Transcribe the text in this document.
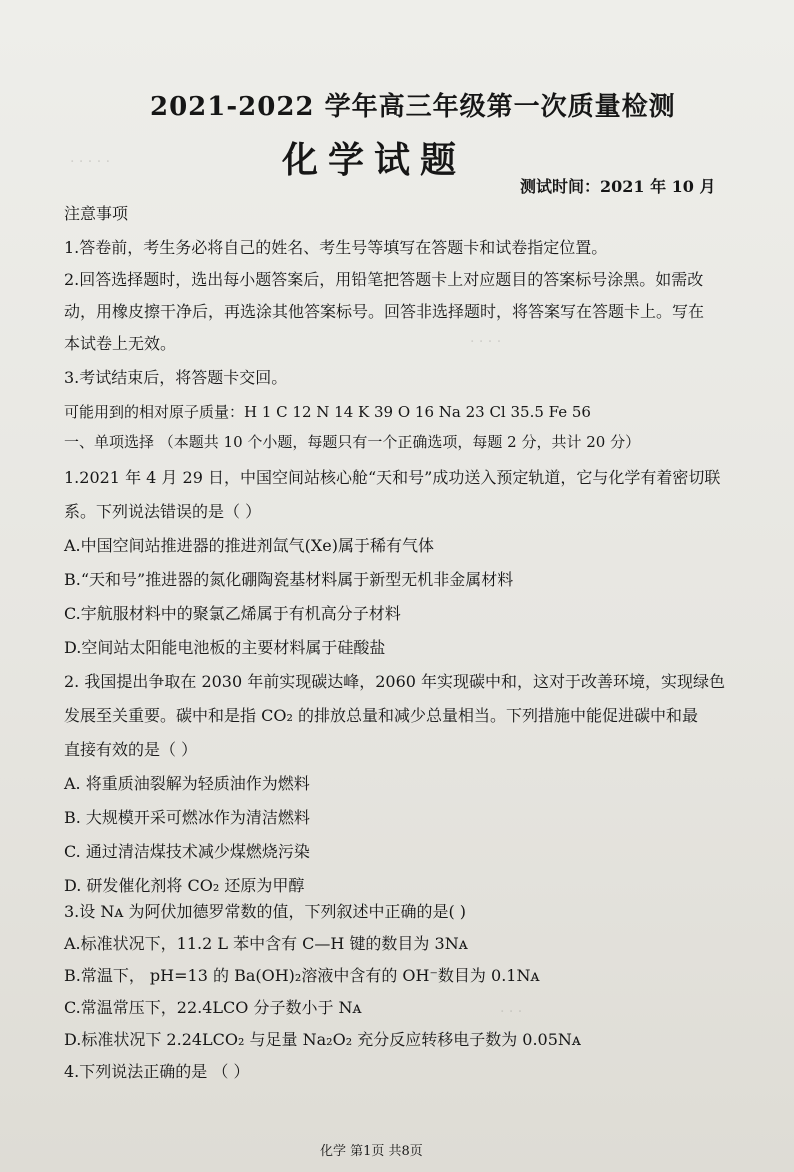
. . . . .
. . . .
. . .
2021-2022 学年高三年级第一次质量检测
化学试题
测试时间：2021 年 10 月
注意事项
1.答卷前，考生务必将自己的姓名、考生号等填写在答题卡和试卷指定位置。
2.回答选择题时，选出每小题答案后，用铅笔把答题卡上对应题目的答案标号涂黑。如需改
动，用橡皮擦干净后，再选涂其他答案标号。回答非选择题时，将答案写在答题卡上。写在
本试卷上无效。
3.考试结束后，将答题卡交回。
可能用到的相对原子质量：H 1 C 12 N 14 K 39 O 16 Na 23 Cl 35.5 Fe 56
一、单项选择 （本题共 10 个小题，每题只有一个正确选项，每题 2 分，共计 20 分）
1.2021 年 4 月 29 日，中国空间站核心舱“天和号”成功送入预定轨道，它与化学有着密切联
系。下列说法错误的是（ ）
A.中国空间站推进器的推进剂氙气(Xe)属于稀有气体
B.“天和号”推进器的氮化硼陶瓷基材料属于新型无机非金属材料
C.宇航服材料中的聚氯乙烯属于有机高分子材料
D.空间站太阳能电池板的主要材料属于硅酸盐
2. 我国提出争取在 2030 年前实现碳达峰，2060 年实现碳中和，这对于改善环境，实现绿色
发展至关重要。碳中和是指 CO₂ 的排放总量和减少总量相当。下列措施中能促进碳中和最
直接有效的是（ ）
A. 将重质油裂解为轻质油作为燃料
B. 大规模开采可燃冰作为清洁燃料
C. 通过清洁煤技术减少煤燃烧污染
D. 研发催化剂将 CO₂ 还原为甲醇
3.设 Nᴀ 为阿伏加德罗常数的值，下列叙述中正确的是( )
A.标准状况下，11.2 L 苯中含有 C—H 键的数目为 3Nᴀ
B.常温下， pH=13 的 Ba(OH)₂溶液中含有的 OH⁻数目为 0.1Nᴀ
C.常温常压下，22.4LCO 分子数小于 Nᴀ
D.标准状况下 2.24LCO₂ 与足量 Na₂O₂ 充分反应转移电子数为 0.05Nᴀ
4.下列说法正确的是 （ ）
化学 第1页 共8页
